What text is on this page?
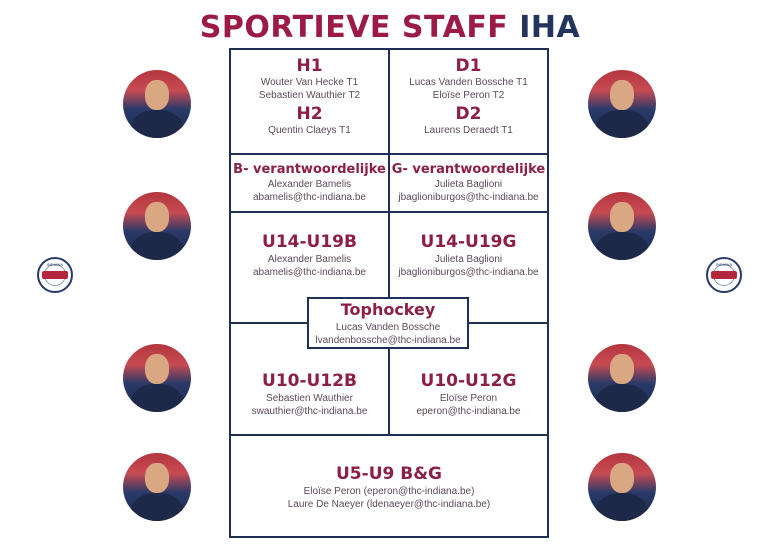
SPORTIEVE STAFF IHA
H1
Wouter Van Hecke T1
Sebastien Wauthier T2
H2
Quentin Claeys T1
D1
Lucas Vanden Bossche T1
Eloïse Peron T2
D2
Laurens Deraedt T1
B- verantwoordelijke
Alexander Bamelis
abamelis@thc-indiana.be
G- verantwoordelijke
Julieta Baglioni
jbaglioniburgos@thc-indiana.be
U14-U19B
Alexander Bamelis
abamelis@thc-indiana.be
U14-U19G
Julieta Baglioni
jbaglioniburgos@thc-indiana.be
Tophockey
Lucas Vanden Bossche
lvandenbossche@thc-indiana.be
U10-U12B
Sebastien Wauthier
swauthier@thc-indiana.be
U10-U12G
Eloïse Peron
eperon@thc-indiana.be
U5-U9 B&G
Eloïse Peron (eperon@thc-indiana.be)
Laure De Naeyer (ldenaeyer@thc-indiana.be)
INDIANA	INDIANA
